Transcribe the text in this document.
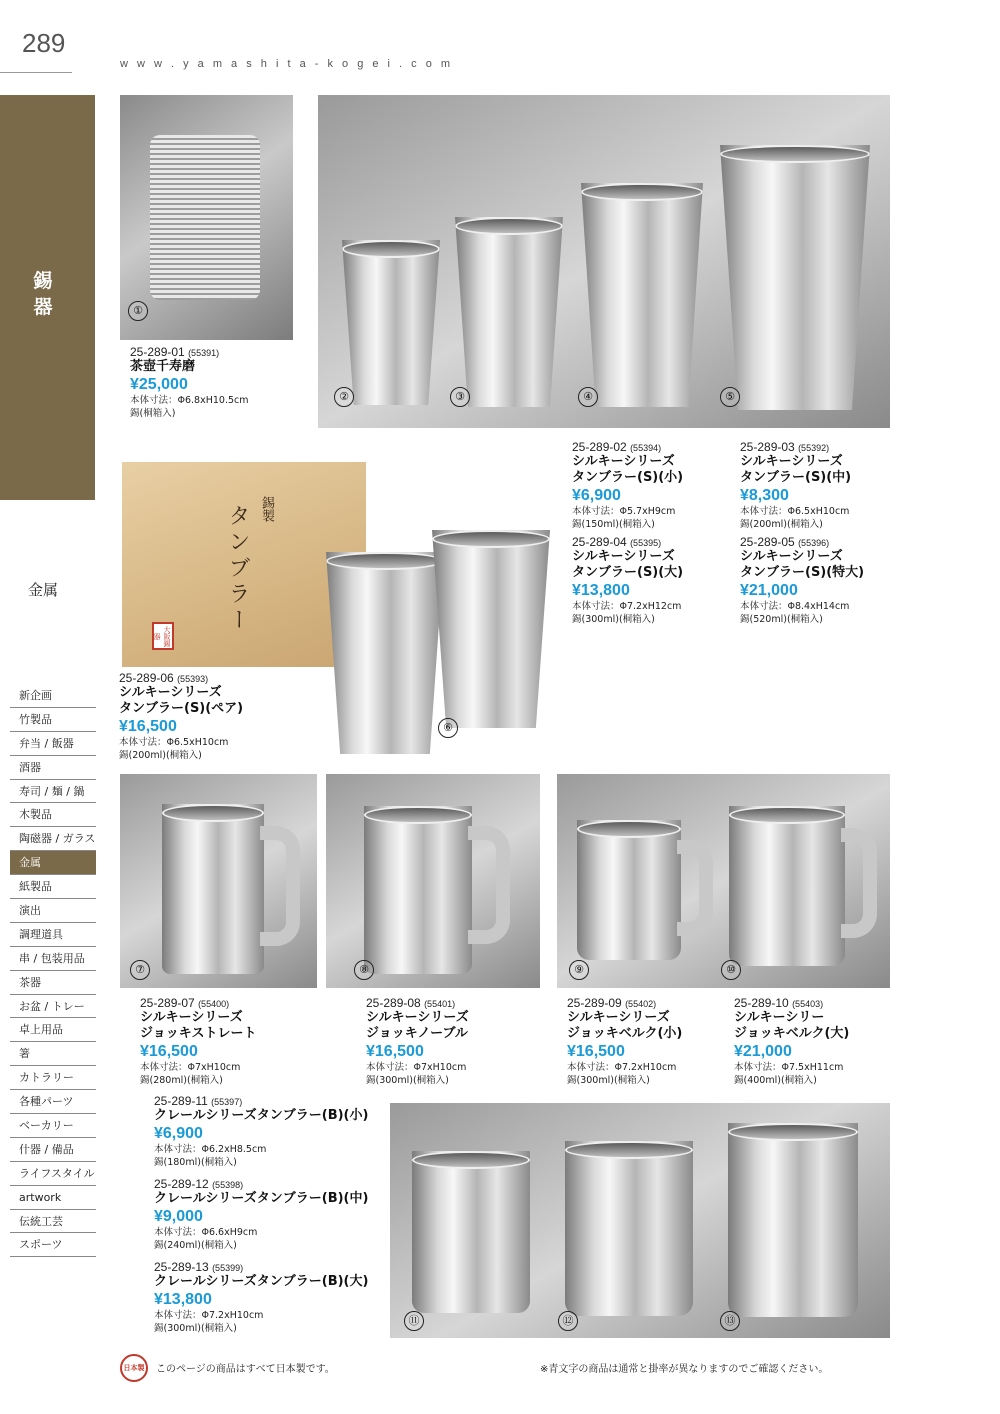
289
w w w . y a m a s h i t a - k o g e i . c o m
錫器
金属
新企画
竹製品
弁当 / 飯器
酒器
寿司 / 麺 / 鍋
木製品
陶磁器 / ガラス
金属
紙製品
演出
調理道具
串 / 包装用品
茶器
お盆 / トレー
卓上用品
箸
カトラリー
各種パーツ
ベーカリー
什器 / 備品
ライフスタイル
artwork
伝統工芸
スポーツ
①
②	③	④	⑤
25-289-01 (55391)
茶壺千寿磨
¥25,000
本体寸法：Φ6.8xH10.5cm
錫(桐箱入)
25-289-02 (55394)
シルキーシリーズ
タンブラー(S)(小)
¥6,900
本体寸法：Φ5.7xH9cm
錫(150ml)(桐箱入)
25-289-03 (55392)
シルキーシリーズ
タンブラー(S)(中)
¥8,300
本体寸法：Φ6.5xH10cm
錫(200ml)(桐箱入)
25-289-04 (55395)
シルキーシリーズ
タンブラー(S)(大)
¥13,800
本体寸法：Φ7.2xH12cm
錫(300ml)(桐箱入)
25-289-05 (55396)
シルキーシリーズ
タンブラー(S)(特大)
¥21,000
本体寸法：Φ8.4xH14cm
錫(520ml)(桐箱入)
錫製
タンブラー
大阪錫器
⑥
25-289-06 (55393)
シルキーシリーズ
タンブラー(S)(ペア)
¥16,500
本体寸法：Φ6.5xH10cm
錫(200ml)(桐箱入)
⑦	⑧	⑨	⑩
25-289-07 (55400)
シルキーシリーズ
ジョッキストレート
¥16,500
本体寸法：Φ7xH10cm
錫(280ml)(桐箱入)
25-289-08 (55401)
シルキーシリーズ
ジョッキノーブル
¥16,500
本体寸法：Φ7xH10cm
錫(300ml)(桐箱入)
25-289-09 (55402)
シルキーシリーズ
ジョッキベルク(小)
¥16,500
本体寸法：Φ7.2xH10cm
錫(300ml)(桐箱入)
25-289-10 (55403)
シルキーシリー
ジョッキベルク(大)
¥21,000
本体寸法：Φ7.5xH11cm
錫(400ml)(桐箱入)
25-289-11 (55397)
クレールシリーズタンブラー(B)(小)
¥6,900
本体寸法：Φ6.2xH8.5cm
錫(180ml)(桐箱入)
25-289-12 (55398)
クレールシリーズタンブラー(B)(中)
¥9,000
本体寸法：Φ6.6xH9cm
錫(240ml)(桐箱入)
25-289-13 (55399)
クレールシリーズタンブラー(B)(大)
¥13,800
本体寸法：Φ7.2xH10cm
錫(300ml)(桐箱入)
⑪	⑫	⑬
日本製	このページの商品はすべて日本製です。	※青文字の商品は通常と掛率が異なりますのでご確認ください。
